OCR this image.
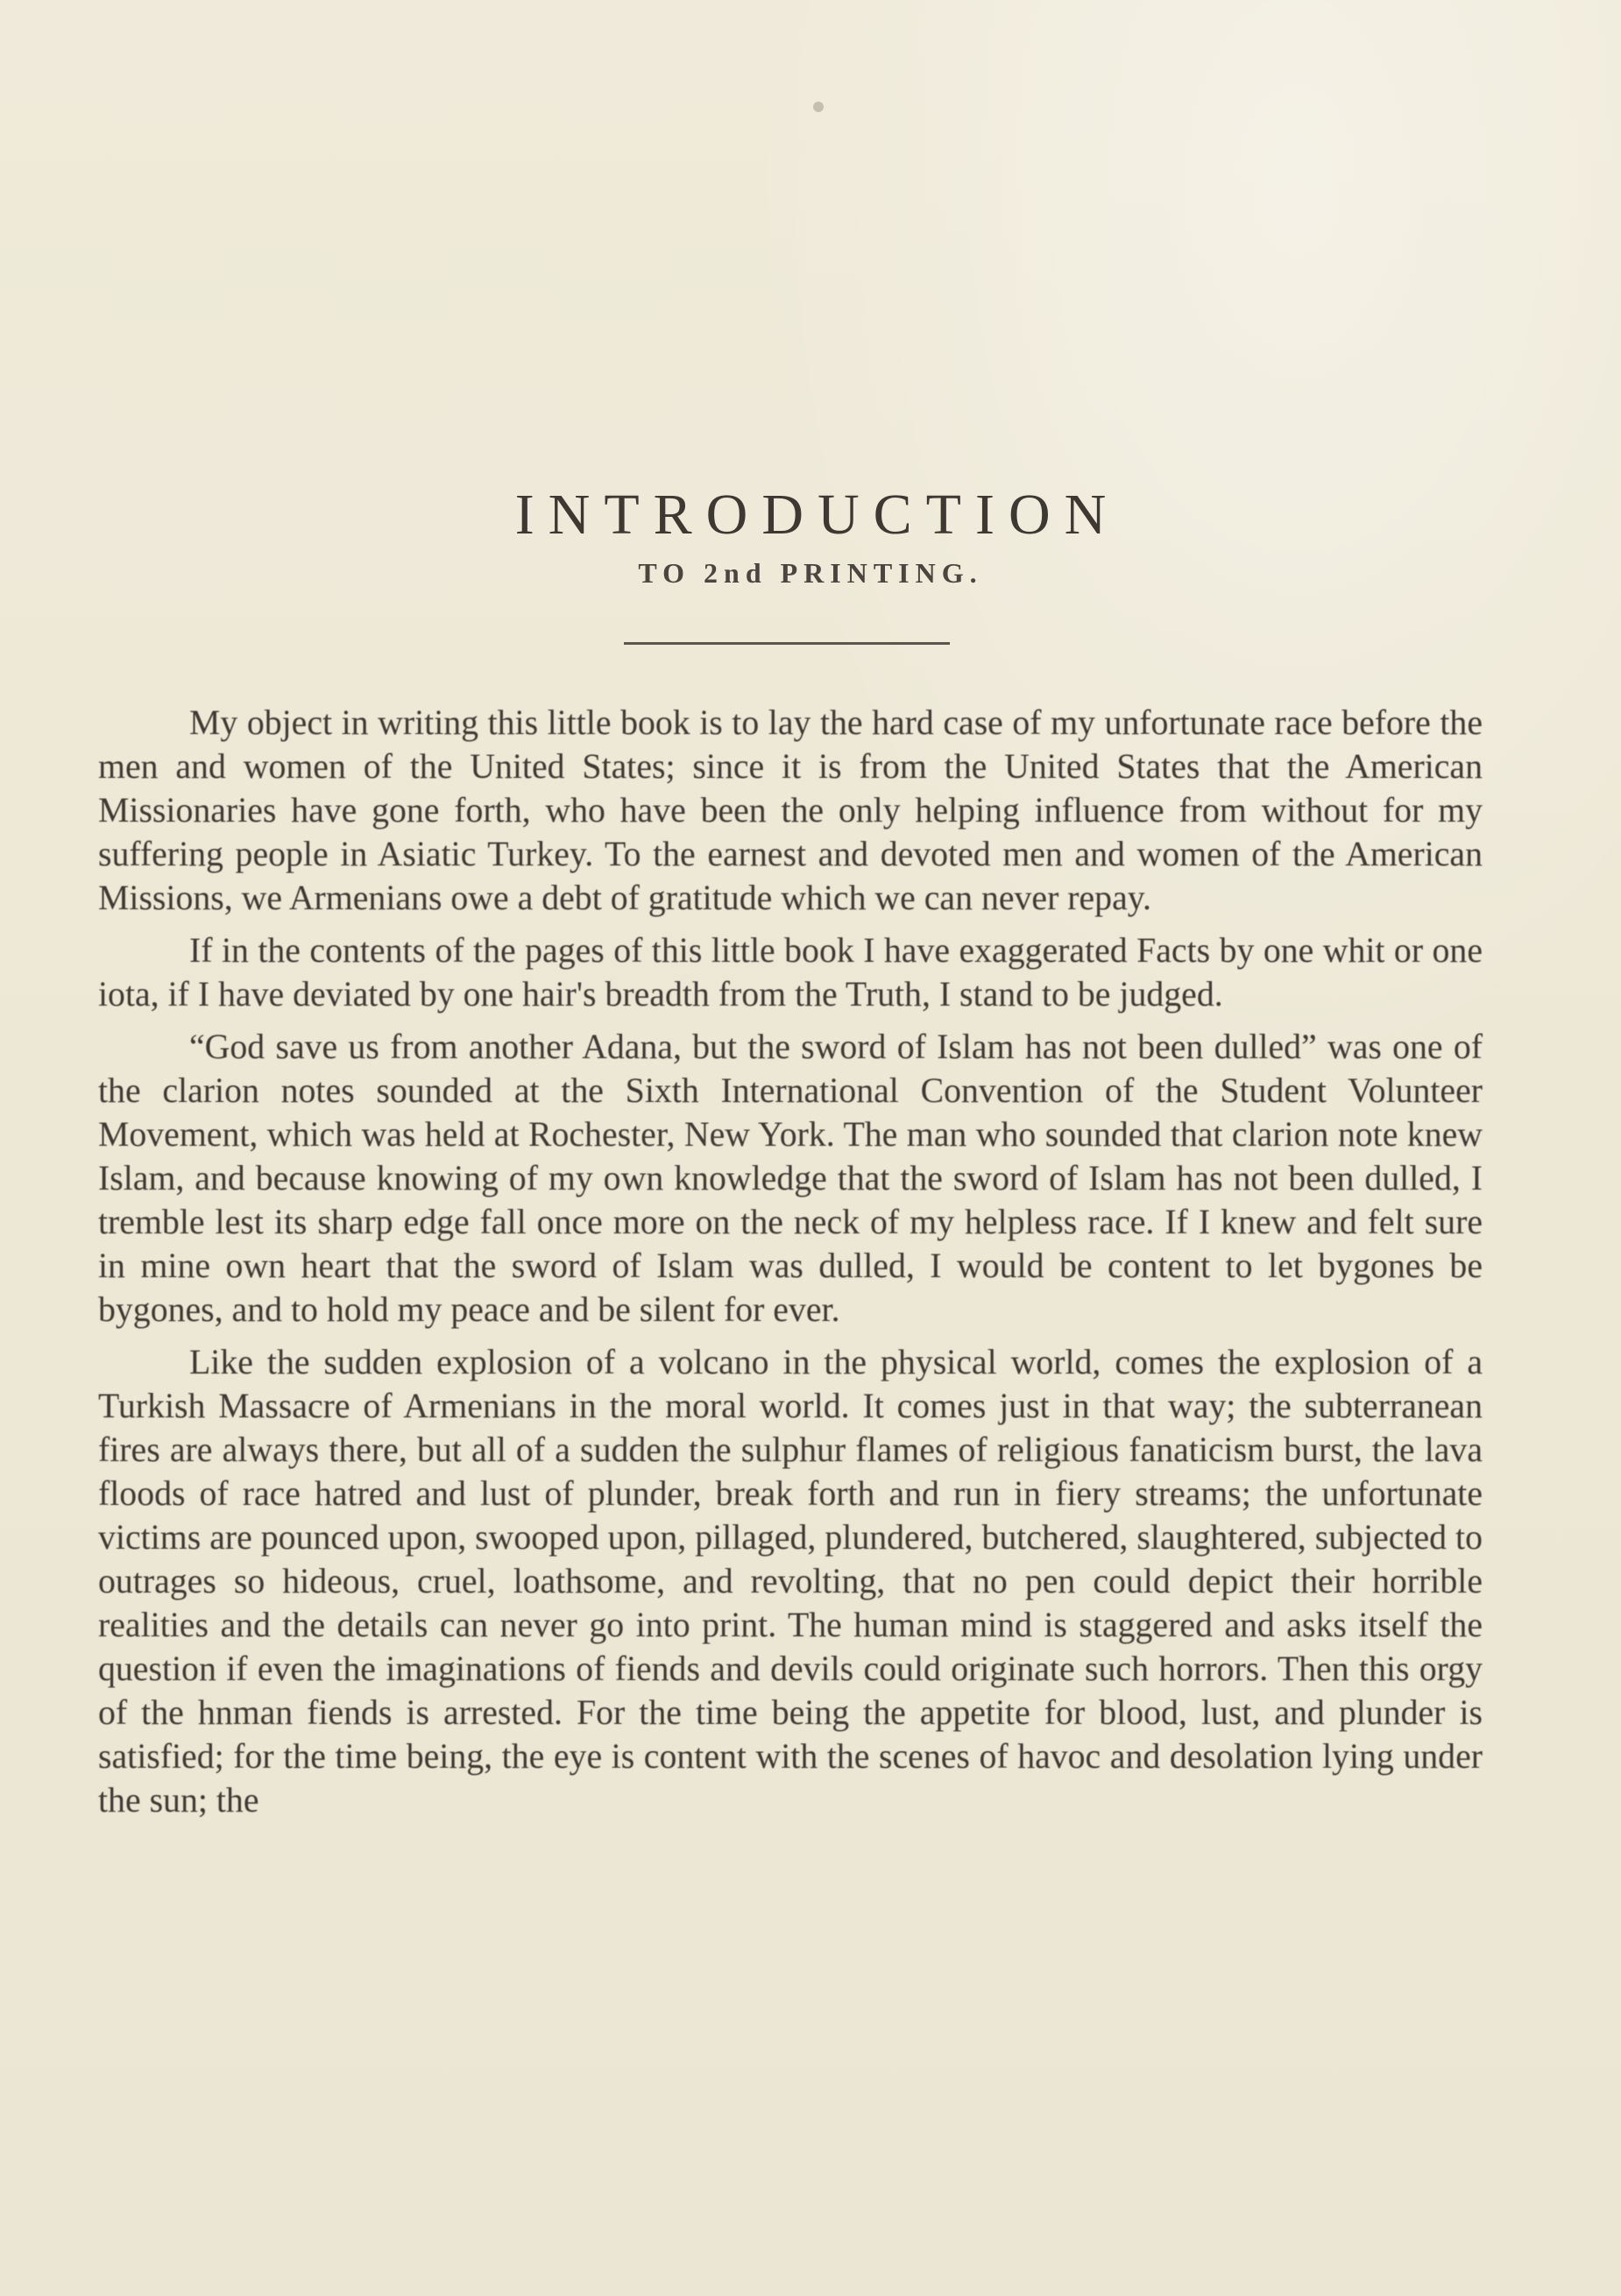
INTRODUCTION
TO 2nd PRINTING.

My object in writing this little book is to lay the hard case of my unfortunate race before the men and women of the United States; since it is from the United States that the American Missionaries have gone forth, who have been the only helping influence from without for my suffering people in Asiatic Turkey. To the earnest and devoted men and women of the American Missions, we Armenians owe a debt of gratitude which we can never repay.

If in the contents of the pages of this little book I have exaggerated Facts by one whit or one iota, if I have deviated by one hair's breadth from the Truth, I stand to be judged.

“God save us from another Adana, but the sword of Islam has not been dulled” was one of the clarion notes sounded at the Sixth International Convention of the Student Volunteer Movement, which was held at Rochester, New York. The man who sounded that clarion note knew Islam, and because knowing of my own knowledge that the sword of Islam has not been dulled, I tremble lest its sharp edge fall once more on the neck of my helpless race. If I knew and felt sure in mine own heart that the sword of Islam was dulled, I would be content to let bygones be bygones, and to hold my peace and be silent for ever.

Like the sudden explosion of a volcano in the physical world, comes the explosion of a Turkish Massacre of Armenians in the moral world. It comes just in that way; the subterranean fires are always there, but all of a sudden the sulphur flames of religious fanaticism burst, the lava floods of race hatred and lust of plunder, break forth and run in fiery streams; the unfortunate victims are pounced upon, swooped upon, pillaged, plundered, butchered, slaughtered, subjected to outrages so hideous, cruel, loathsome, and revolting, that no pen could depict their horrible realities and the details can never go into print. The human mind is staggered and asks itself the question if even the imaginations of fiends and devils could originate such horrors. Then this orgy of the hnman fiends is arrested. For the time being the appetite for blood, lust, and plunder is satisfied; for the time being, the eye is content with the scenes of havoc and desolation lying under the sun; the
